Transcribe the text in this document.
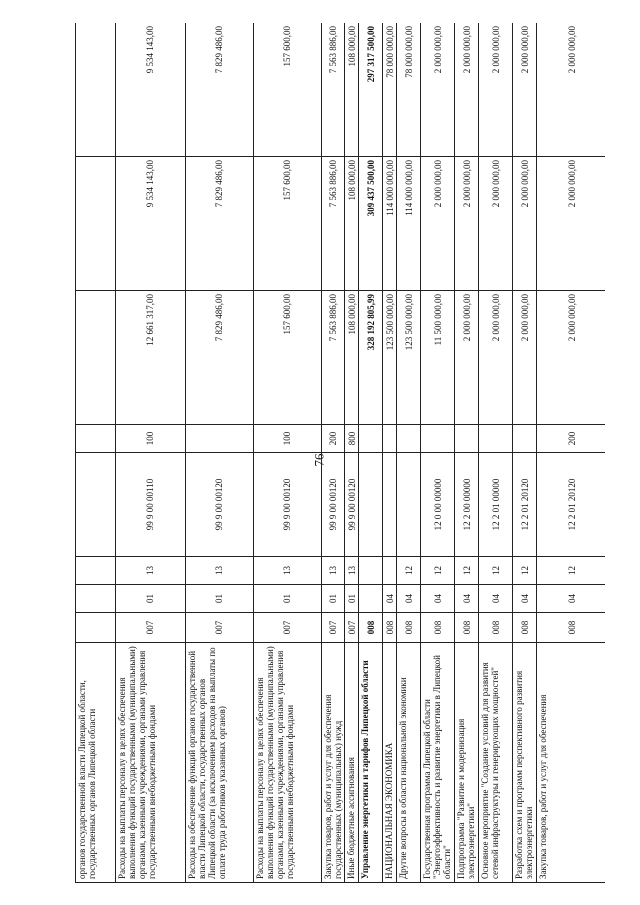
76
органов государственной власти Липецкой области, государственных органов Липецкой области								
Расходы на выплаты персоналу в целях обеспечения выполнения функций государственными (муниципальными) органами, казенными учреждениями, органами управления государственными внебюджетными фондами	007	01	13	99 9 00 00110	100	12 661 317,00	9 534 143,00	9 534 143,00
Расходы на обеспечение функций органов государственной власти Липецкой области, государственных органов Липецкой области (за исключением расходов на выплаты по оплате труда работников указанных органов)	007	01	13	99 9 00 00120		7 829 486,00	7 829 486,00	7 829 486,00
Расходы на выплаты персоналу в целях обеспечения выполнения функций государственными (муниципальными) органами, казенными учреждениями, органами управления государственными внебюджетными фондами	007	01	13	99 9 00 00120	100	157 600,00	157 600,00	157 600,00
Закупка товаров, работ и услуг для обеспечения государственных (муниципальных) нужд	007	01	13	99 9 00 00120	200	7 563 886,00	7 563 886,00	7 563 886,00
Иные бюджетные ассигнования	007	01	13	99 9 00 00120	800	108 000,00	108 000,00	108 000,00
Управление энергетики и тарифов Липецкой области	008					328 192 805,99	309 437 500,00	297 317 500,00
НАЦИОНАЛЬНАЯ ЭКОНОМИКА	008	04				123 500 000,00	114 000 000,00	78 000 000,00
Другие вопросы в области национальной экономики	008	04	12			123 500 000,00	114 000 000,00	78 000 000,00
Государственная программа Липецкой области "Энергоэффективность и развитие энергетики в Липецкой области"	008	04	12	12 0 00 00000		11 500 000,00	2 000 000,00	2 000 000,00
Подпрограмма "Развитие и модернизация электроэнергетики"	008	04	12	12 2 00 00000		2 000 000,00	2 000 000,00	2 000 000,00
Основное мероприятие "Создание условий для развития сетевой инфраструктуры и генерирующих мощностей"	008	04	12	12 2 01 00000		2 000 000,00	2 000 000,00	2 000 000,00
Разработка схем и программ перспективного развития электроэнергетики	008	04	12	12 2 01 20120		2 000 000,00	2 000 000,00	2 000 000,00
Закупка товаров, работ и услуг для обеспечения	008	04	12	12 2 01 20120	200	2 000 000,00	2 000 000,00	2 000 000,00
